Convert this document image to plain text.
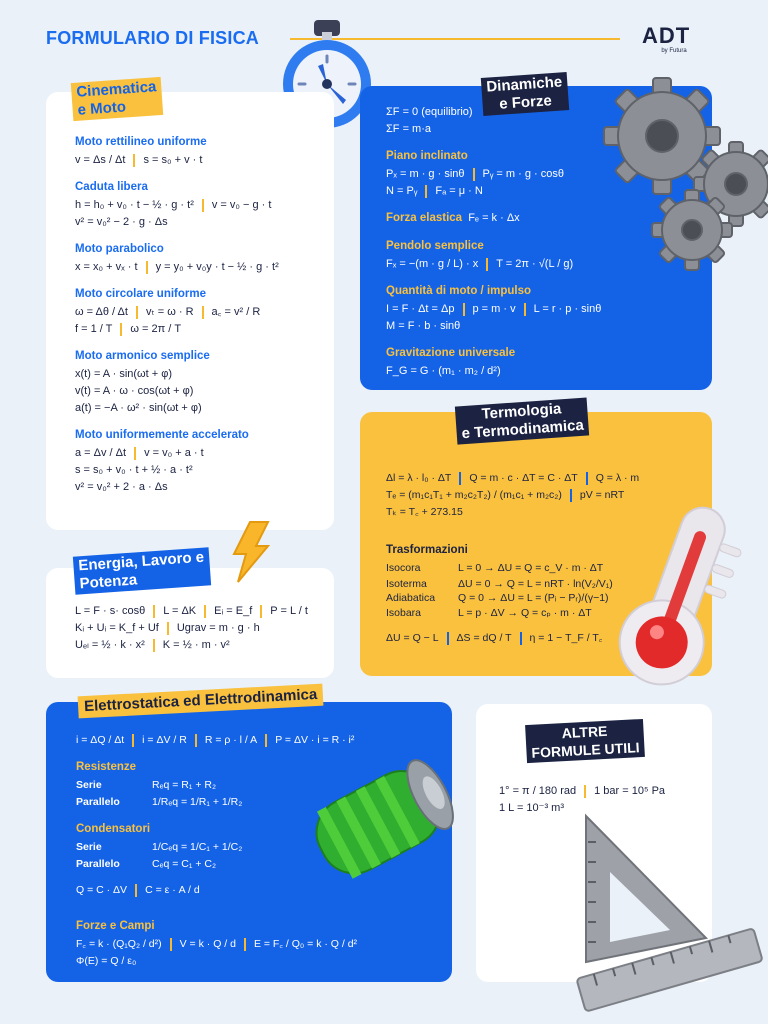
FORMULARIO DI FISICA	ADT
by Futura
Cinematica
e Moto
Moto rettilineo uniforme
v = Δs / Δt s = s₀ + v · t
Caduta libera
h = h₀ + v₀ · t − ½ · g · t² v = v₀ − g · t
v² = v₀² − 2 · g · Δs
Moto parabolico
x = x₀ + vₓ · t y = y₀ + v₀y · t − ½ · g · t²
Moto circolare uniforme
ω = Δθ / Δt vₜ = ω · R a꜀ = v² / R
f = 1 / T ω = 2π / T
Moto armonico semplice
x(t) = A · sin(ωt + φ)
v(t) = A · ω · cos(ωt + φ)
a(t) = −A · ω² · sin(ωt + φ)
Moto uniformemente accelerato
a = Δv / Δt v = v₀ + a · t
s = s₀ + v₀ · t + ½ · a · t²
v² = v₀² + 2 · a · Δs
Dinamiche
e Forze
ΣF = 0 (equilibrio)
ΣF = m·a
Piano inclinato
Pₓ = m · g · sinθ Pᵧ = m · g · cosθ
N = Pᵧ Fₐ = μ · N
Forza elastica Fₑ = k · Δx
Pendolo semplice
Fₓ = −(m · g / L) · x T = 2π · √(L / g)
Quantità di moto / impulso
I = F · Δt = Δp p = m · v L = r · p · sinθ
M = F · b · sinθ
Gravitazione universale
F_G = G · (m₁ · m₂ / d²)
Termologia
e Termodinamica
Δl = λ · l₀ · ΔT Q = m · c · ΔT = C · ΔT Q = λ · m
Tₑ = (m₁c₁T₁ + m₂c₂T₂) / (m₁c₁ + m₂c₂) pV = nRT
Tₖ = T꜀ + 273.15
Trasformazioni
Isocora	L = 0 → ΔU = Q = c_V · m · ΔT
Isoterma	ΔU = 0 → Q = L = nRT · ln(V₂/V₁)
Adiabatica	Q = 0 → ΔU = L = (Pᵢ − Pᵣ)/(γ−1)
Isobara	L = p · ΔV → Q = cₚ · m · ΔT
ΔU = Q − L ΔS = dQ / T η = 1 − T_F / T꜀
Energia, Lavoro e
Potenza
L = F · s· cosθ L = ΔK Eᵢ = E_f P = L / t
Kᵢ + Uᵢ = K_f + Uf Ugrav = m · g · h
Uₑₗ = ½ · k · x² K = ½ · m · v²
Elettrostatica ed Elettrodinamica
i = ΔQ / Δt i = ΔV / R R = ρ · l / A P = ΔV · i = R · i²
Resistenze
Serie	Rₑq = R₁ + R₂
Parallelo	1/Rₑq = 1/R₁ + 1/R₂
Condensatori
Serie	1/Cₑq = 1/C₁ + 1/C₂
Parallelo	Cₑq = C₁ + C₂
Q = C · ΔV C = ε · A / d
Forze e Campi
F꜀ = k · (Q₁Q₂ / d²) V = k · Q / d E = F꜀ / Q₀ = k · Q / d²
Φ(E) = Q / ε₀
ALTRE
FORMULE UTILI
1° = π / 180 rad 1 bar = 10⁵ Pa
1 L = 10⁻³ m³
